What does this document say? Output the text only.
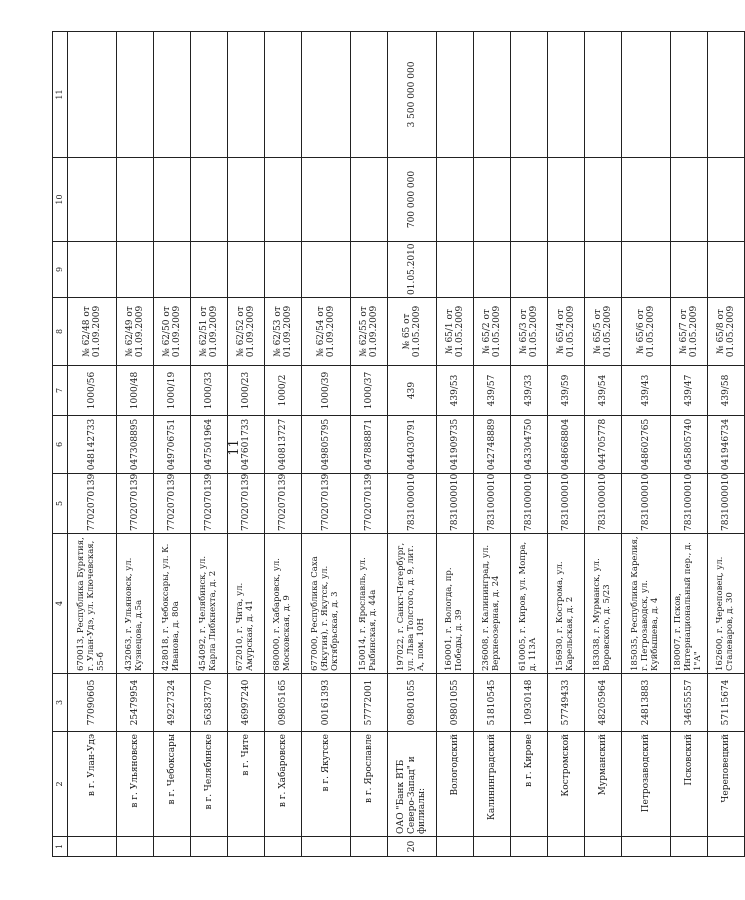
11
1	2	3	4	5	6	7	8	9	10	11
	в г. Улан-Удэ	77090605	670013, Республика Бурятия, г. Улан-Удэ, ул. Ключевская, 55-б	7702070139	048142733	1000/56	№ 62/48 от 01.09.2009			
	в г. Ульяновске	25479954	432063, г. Ульяновск, ул. Кузнецова, д.5а	7702070139	047308895	1000/48	№ 62/49 от 01.09.2009			
	в г. Чебоксары	49227324	428018, г. Чебоксары, ул. К. Иванова, д. 80а	7702070139	049706751	1000/19	№ 62/50 от 01.09.2009			
	в г. Челябинске	56383770	454092, г. Челябинск, ул. Карла Либкнехта, д. 2	7702070139	047501964	1000/33	№ 62/51 от 01.09.2009			
	в г. Чите	46997240	672010, г. Чита, ул. Амурская, д. 41	7702070139	047601733	1000/23	№ 62/52 от 01.09.2009			
	в г. Хабаровске	09805165	680000, г. Хабаровск, ул. Московская, д. 9	7702070139	040813727	1000/2	№ 62/53 от 01.09.2009			
	в г. Якутске	00161393	677000, Республика Саха (Якутия), г. Якутск, ул. Октябрьская, д. 3	7702070139	049805795	1000/39	№ 62/54 от 01.09.2009			
	в г. Ярославле	57772001	150014, г. Ярославль, ул. Рыбинская, д. 44а	7702070139	047888871	1000/37	№ 62/55 от 01.09.2009			
20	ОАО "Банк ВТБ Северо-Запад" и филиалы:	09801055	197022, г. Санкт-Петербург, ул. Льва Толстого, д. 9, лит. А, пом. 10Н	7831000010	044030791	439	№ 65 от 01.05.2009	01.05.2010	700 000 000	3 500 000 000
	Вологодский	09801055	160001, г. Вологда, пр. Победы, д. 39	7831000010	041909735	439/53	№ 65/1 от 01.05.2009			
	Калининградский	51810545	236008, г. Калининград, ул. Верхнеозерная, д. 24	7831000010	042748889	439/57	№ 65/2 от 01.05.2009			
	в г. Кирове	10930148	610005, г. Киров, ул. Мопра, д. 113А	7831000010	043304750	439/33	№ 65/3 от 01.05.2009			
	Костромской	57749433	156930, г. Кострома, ул. Карельская, д. 2	7831000010	048668804	439/59	№ 65/4 от 01.05.2009			
	Мурманский	48205964	183038, г. Мурманск, ул. Воровского, д. 5/23	7831000010	044705778	439/54	№ 65/5 от 01.05.2009			
	Петрозаводский	24813883	185035, Республика Карелия, г. Петрозаводск, ул. Куйбышева, д. 4	7831000010	048602765	439/43	№ 65/6 от 01.05.2009			
	Псковский	34655557	180007, г. Псков, Интернациональный пер., д. 1"А"	7831000010	045805740	439/47	№ 65/7 от 01.05.2009			
	Череповецкий	57115674	162600, г. Череповец, ул. Сталеваров, д. 30	7831000010	041946734	439/58	№ 65/8 от 01.05.2009			
